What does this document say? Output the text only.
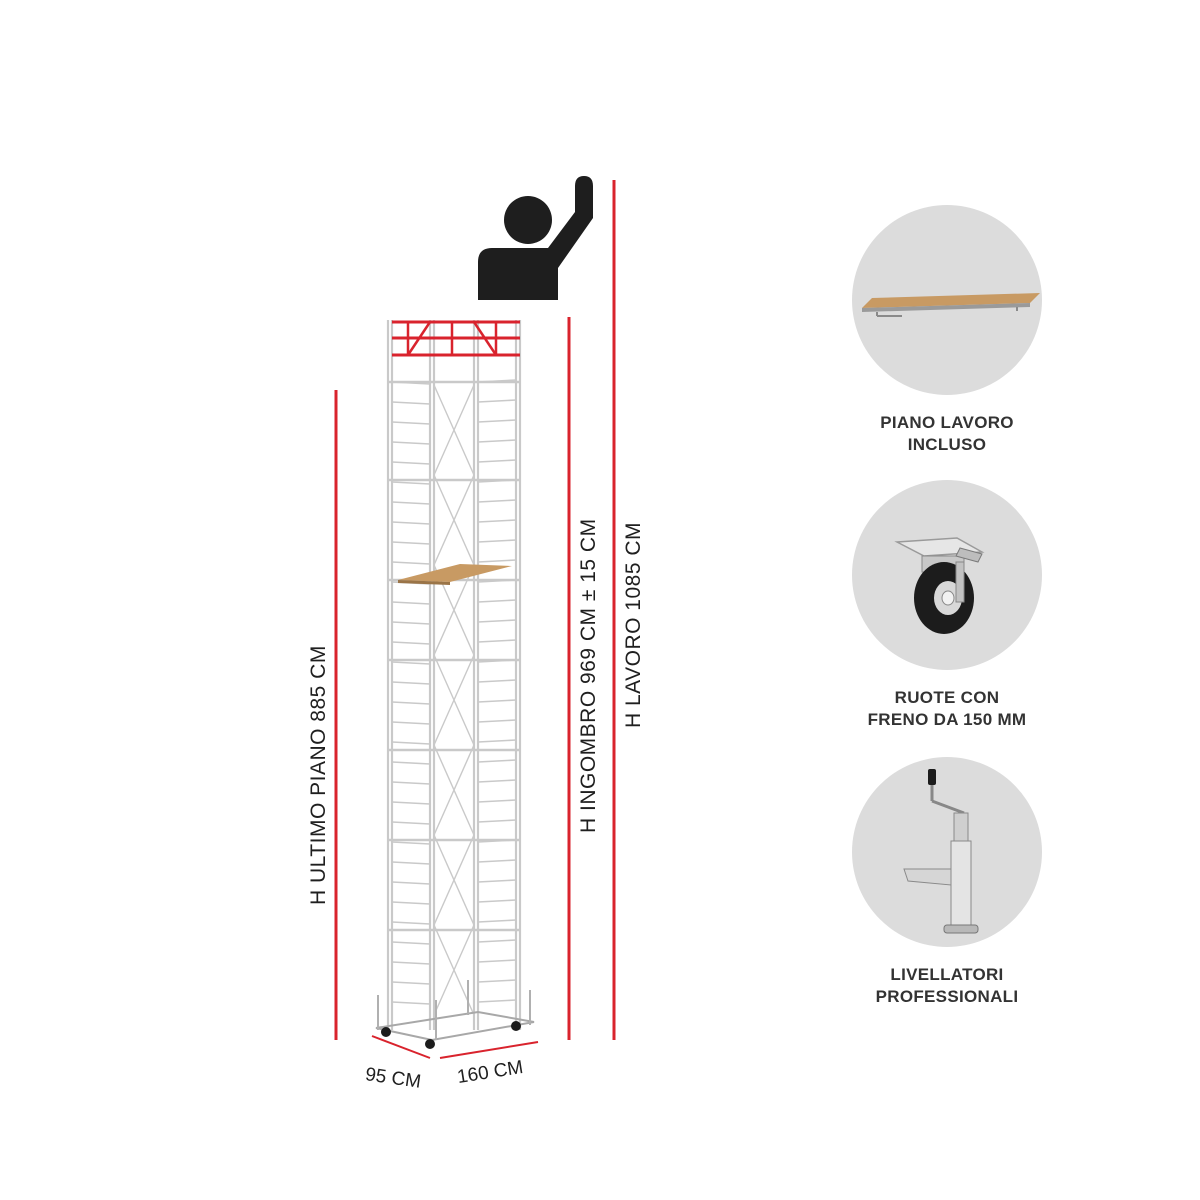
H ULTIMO PIANO 885 CM	H INGOMBRO 969 CM ± 15 CM H LAVORO 1085 CM
95 CM 160 CM
PIANO LAVORO
INCLUSO
RUOTE CON
FRENO DA 150 MM
LIVELLATORI
PROFESSIONALI
